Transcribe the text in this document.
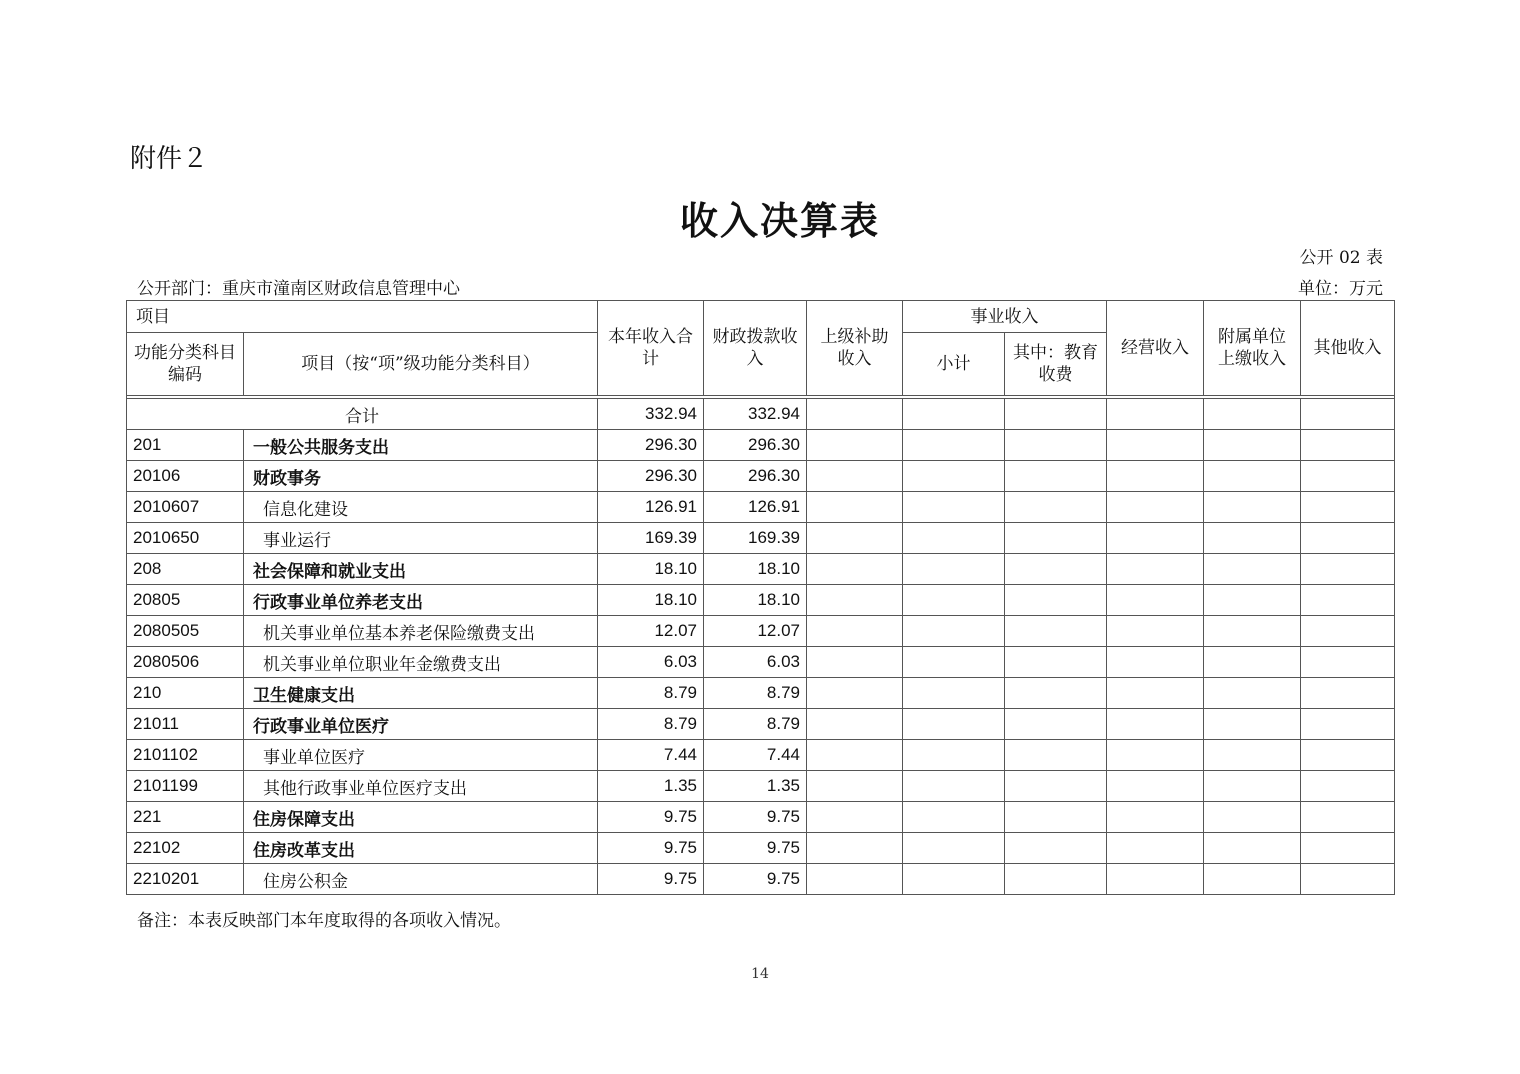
附件２
收入决算表
公开 02 表
公开部门：重庆市潼南区财政信息管理中心	单位：万元
项目		本年收入合计	财政拨款收入	上级补助收入	事业收入		经营收入	附属单位上缴收入	其他收入
功能分类科目编码	项目（按“项”级功能分类科目）				小计	其中：教育收费			

合计		332.94	332.94						
201	一般公共服务支出	296.30	296.30						
20106	财政事务	296.30	296.30						
2010607	信息化建设	126.91	126.91						
2010650	事业运行	169.39	169.39						
208	社会保障和就业支出	18.10	18.10						
20805	行政事业单位养老支出	18.10	18.10						
2080505	机关事业单位基本养老保险缴费支出	12.07	12.07						
2080506	机关事业单位职业年金缴费支出	6.03	6.03						
210	卫生健康支出	8.79	8.79						
21011	行政事业单位医疗	8.79	8.79						
2101102	事业单位医疗	7.44	7.44						
2101199	其他行政事业单位医疗支出	1.35	1.35						
221	住房保障支出	9.75	9.75						
22102	住房改革支出	9.75	9.75						
2210201	住房公积金	9.75	9.75						
备注：本表反映部门本年度取得的各项收入情况。
14
